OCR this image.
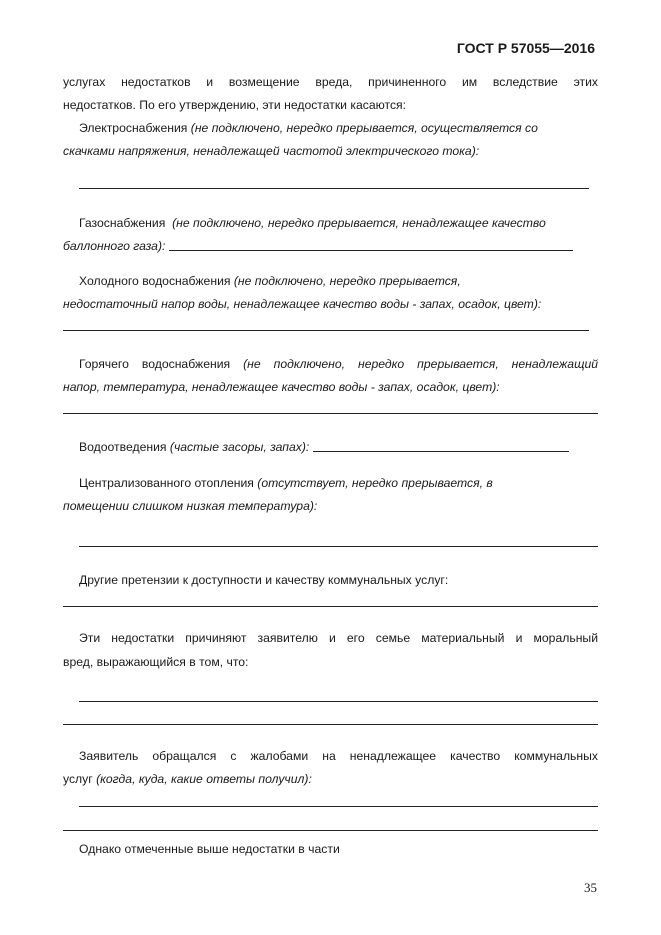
ГОСТ Р 57055—2016
услугах недостатков и возмещение вреда, причиненного им вследствие этих
недостатков. По его утверждению, эти недостатки касаются:
Электроснабжения (не подключено, нередко прерывается, осуществляется со
скачками напряжения, ненадлежащей частотой электрического тока):
Газоснабжения (не подключено, нередко прерывается, ненадлежащее качество
баллонного газа):
Холодного водоснабжения (не подключено, нередко прерывается,
недостаточный напор воды, ненадлежащее качество воды - запах, осадок, цвет):
Горячего водоснабжения (не подключено, нередко прерывается, ненадлежащий
напор, температура, ненадлежащее качество воды - запах, осадок, цвет):
Водоотведения (частые засоры, запах):
Централизованного отопления (отсутствует, нередко прерывается, в
помещении слишком низкая температура):
Другие претензии к доступности и качеству коммунальных услуг:
Эти недостатки причиняют заявителю и его семье материальный и моральный
вред, выражающийся в том, что:
Заявитель обращался с жалобами на ненадлежащее качество коммунальных
услуг (когда, куда, какие ответы получил):
Однако отмеченные выше недостатки в части
35
